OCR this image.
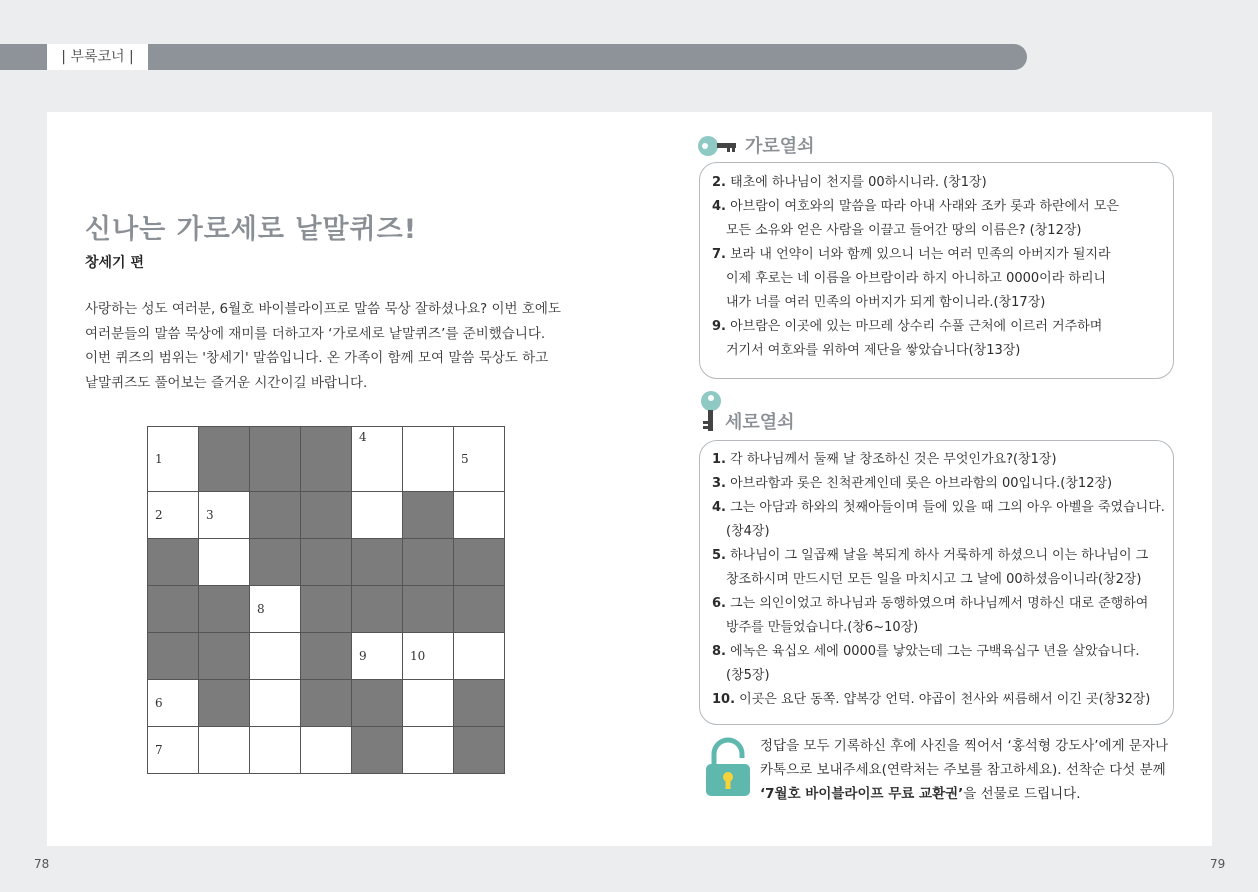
| 부록코너 |
신나는 가로세로 낱말퀴즈!
창세기 편

사랑하는 성도 여러분, 6월호 바이블라이프로 말씀 묵상 잘하셨나요? 이번 호에도

여러분들의 말씀 묵상에 재미를 더하고자 ‘가로세로 낱말퀴즈’를 준비했습니다.

이번 퀴즈의 범위는 '창세기' 말씀입니다. 온 가족이 함께 모여 말씀 묵상도 하고

낱말퀴즈도 풀어보는 즐거운 시간이길 바랍니다.

1				4		5

2	3					

		8				

				9	10	

6						

7						

가로열쇠
2. 태초에 하나님이 천지를 00하시니라. (창1장)
4. 아브람이 여호와의 말씀을 따라 아내 사래와 조카 롯과 하란에서 모은
모든 소유와 얻은 사람을 이끌고 들어간 땅의 이름은? (창12장)
7. 보라 내 언약이 너와 함께 있으니 너는 여러 민족의 아버지가 될지라
이제 후로는 네 이름을 아브람이라 하지 아니하고 0000이라 하리니
내가 너를 여러 민족의 아버지가 되게 함이니라.(창17장)
9. 아브람은 이곳에 있는 마므레 상수리 수풀 근처에 이르러 거주하며
거기서 여호와를 위하여 제단을 쌓았습니다(창13장)
세로열쇠
1. 각 하나님께서 둘째 날 창조하신 것은 무엇인가요?(창1장)
3. 아브라함과 롯은 친척관계인데 롯은 아브라함의 00입니다.(창12장)
4. 그는 아담과 하와의 첫째아들이며 들에 있을 때 그의 아우 아벨을 죽였습니다.
(창4장)
5. 하나님이 그 일곱째 날을 복되게 하사 거룩하게 하셨으니 이는 하나님이 그
창조하시며 만드시던 모든 일을 마치시고 그 날에 00하셨음이니라(창2장)
6. 그는 의인이었고 하나님과 동행하였으며 하나님께서 명하신 대로 준행하여
방주를 만들었습니다.(창6~10장)
8. 에녹은 육십오 세에 0000를 낳았는데 그는 구백육십구 년을 살았습니다.
(창5장)
10. 이곳은 요단 동쪽. 얍복강 언덕. 야곱이 천사와 씨름해서 이긴 곳(창32장)
정답을 모두 기록하신 후에 사진을 찍어서 ‘홍석형 강도사’에게 문자나
카톡으로 보내주세요(연락처는 주보를 참고하세요). 선착순 다섯 분께
‘7월호 바이블라이프 무료 교환권’을 선물로 드립니다.
78	79
